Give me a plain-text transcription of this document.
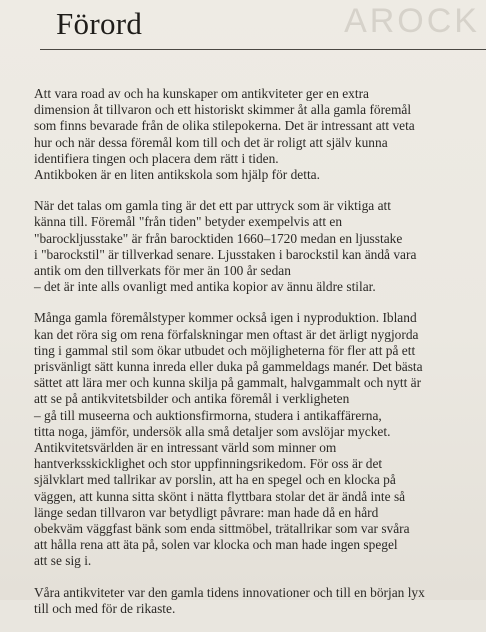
AROCK
Förord

Att vara road av och ha kunskaper om antikviteter ger en extra
dimension åt tillvaron och ett historiskt skimmer åt alla gamla föremål
som finns bevarade från de olika stilepokerna. Det är intressant att veta
hur och när dessa föremål kom till och det är roligt att själv kunna
identifiera tingen och placera dem rätt i tiden.
Antikboken är en liten antikskola som hjälp för detta.

När det talas om gamla ting är det ett par uttryck som är viktiga att
känna till. Föremål "från tiden" betyder exempelvis att en
"barockljusstake" är från barocktiden 1660–1720 medan en ljusstake
i "barockstil" är tillverkad senare. Ljusstaken i barockstil kan ändå vara
antik om den tillverkats för mer än 100 år sedan
– det är inte alls ovanligt med antika kopior av ännu äldre stilar.

Många gamla föremålstyper kommer också igen i nyproduktion. Ibland
kan det röra sig om rena förfalskningar men oftast är det ärligt nygjorda
ting i gammal stil som ökar utbudet och möjligheterna för fler att på ett
prisvänligt sätt kunna inreda eller duka på gammeldags manér. Det bästa
sättet att lära mer och kunna skilja på gammalt, halvgammalt och nytt är
att se på antikvitetsbilder och antika föremål i verkligheten
– gå till museerna och auktionsfirmorna, studera i antikaffärerna,
titta noga, jämför, undersök alla små detaljer som avslöjar mycket.
Antikvitetsvärlden är en intressant värld som minner om
hantverksskicklighet och stor uppfinningsrikedom. För oss är det
självklart med tallrikar av porslin, att ha en spegel och en klocka på
väggen, att kunna sitta skönt i nätta flyttbara stolar det är ändå inte så
länge sedan tillvaron var betydligt påvrare: man hade då en hård
obekväm väggfast bänk som enda sittmöbel, trätallrikar som var svåra
att hålla rena att äta på, solen var klocka och man hade ingen spegel
att se sig i.

Våra antikviteter var den gamla tidens innovationer och till en början lyx
till och med för de rikaste.
